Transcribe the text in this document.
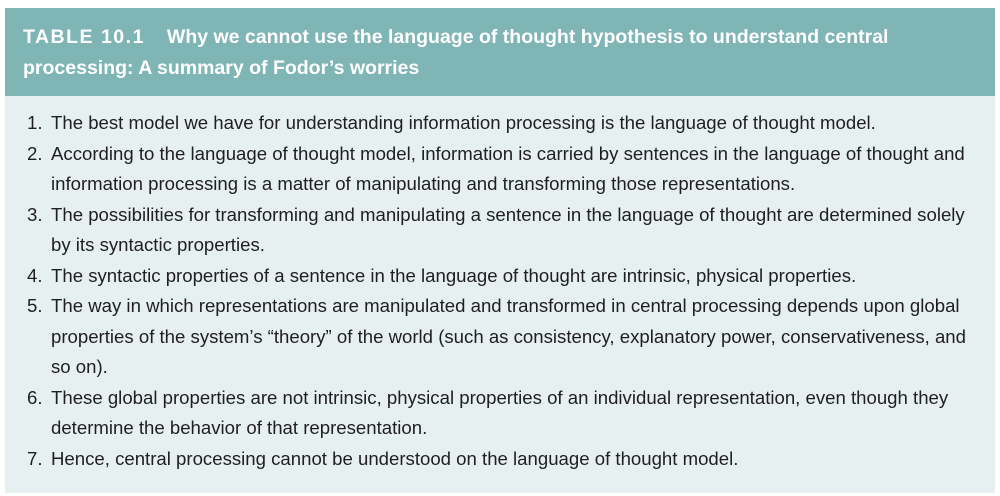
TABLE 10.1 Why we cannot use the language of thought hypothesis to understand central processing: A summary of Fodor’s worries
1. The best model we have for understanding information processing is the language of thought model.
2. According to the language of thought model, information is carried by sentences in the language of thought and information processing is a matter of manipulating and transforming those representations.
3. The possibilities for transforming and manipulating a sentence in the language of thought are determined solely by its syntactic properties.
4. The syntactic properties of a sentence in the language of thought are intrinsic, physical properties.
5. The way in which representations are manipulated and transformed in central processing depends upon global properties of the system’s “theory” of the world (such as consistency, explanatory power, conservativeness, and so on).
6. These global properties are not intrinsic, physical properties of an individual representation, even though they determine the behavior of that representation.
7. Hence, central processing cannot be understood on the language of thought model.
